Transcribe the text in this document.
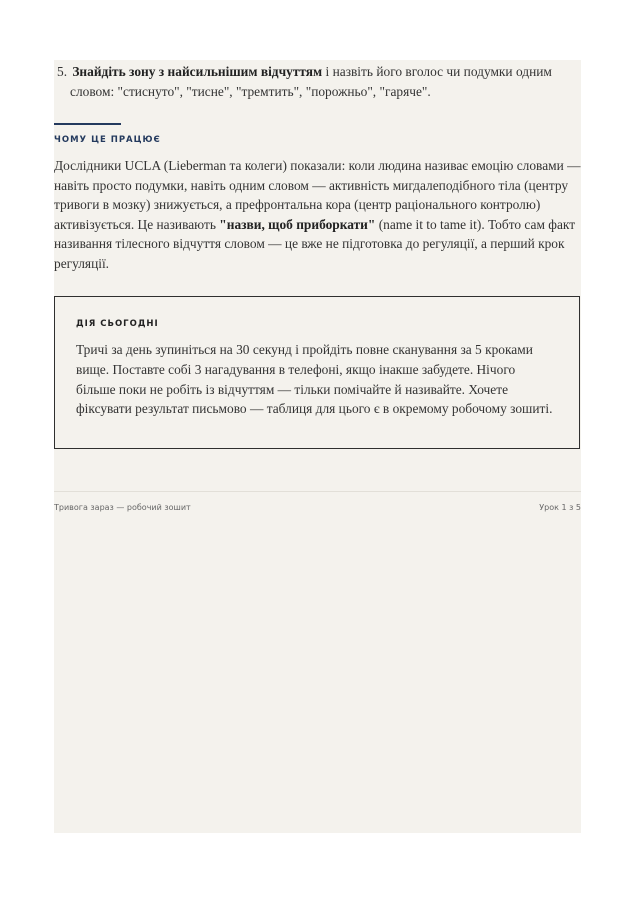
5. Знайдіть зону з найсильнішим відчуттям і назвіть його вголос чи подумки одним
словом: "стиснуто", "тисне", "тремтить", "порожньо", "гаряче".
ЧОМУ ЦЕ ПРАЦЮЄ
Дослідники UCLA (Lieberman та колеги) показали: коли людина називає емоцію словами — навіть просто подумки, навіть одним словом — активність мигдалеподібного тіла (центру тривоги в мозку) знижується, а префронтальна кора (центр раціонального контролю) активізується. Це називають "назви, щоб приборкати" (name it to tame it). Тобто сам факт називання тілесного відчуття словом — це вже не підготовка до регуляції, а перший крок регуляції.
ДІЯ СЬОГОДНІ
Тричі за день зупиніться на 30 секунд і пройдіть повне сканування за 5 кроками вище. Поставте собі 3 нагадування в телефоні, якщо інакше забудете. Нічого більше поки не робіть із відчуттям — тільки помічайте й називайте. Хочете фіксувати результат письмово — таблиця для цього є в окремому робочому зошиті.
Тривога зараз — робочий зошит	Урок 1 з 5
